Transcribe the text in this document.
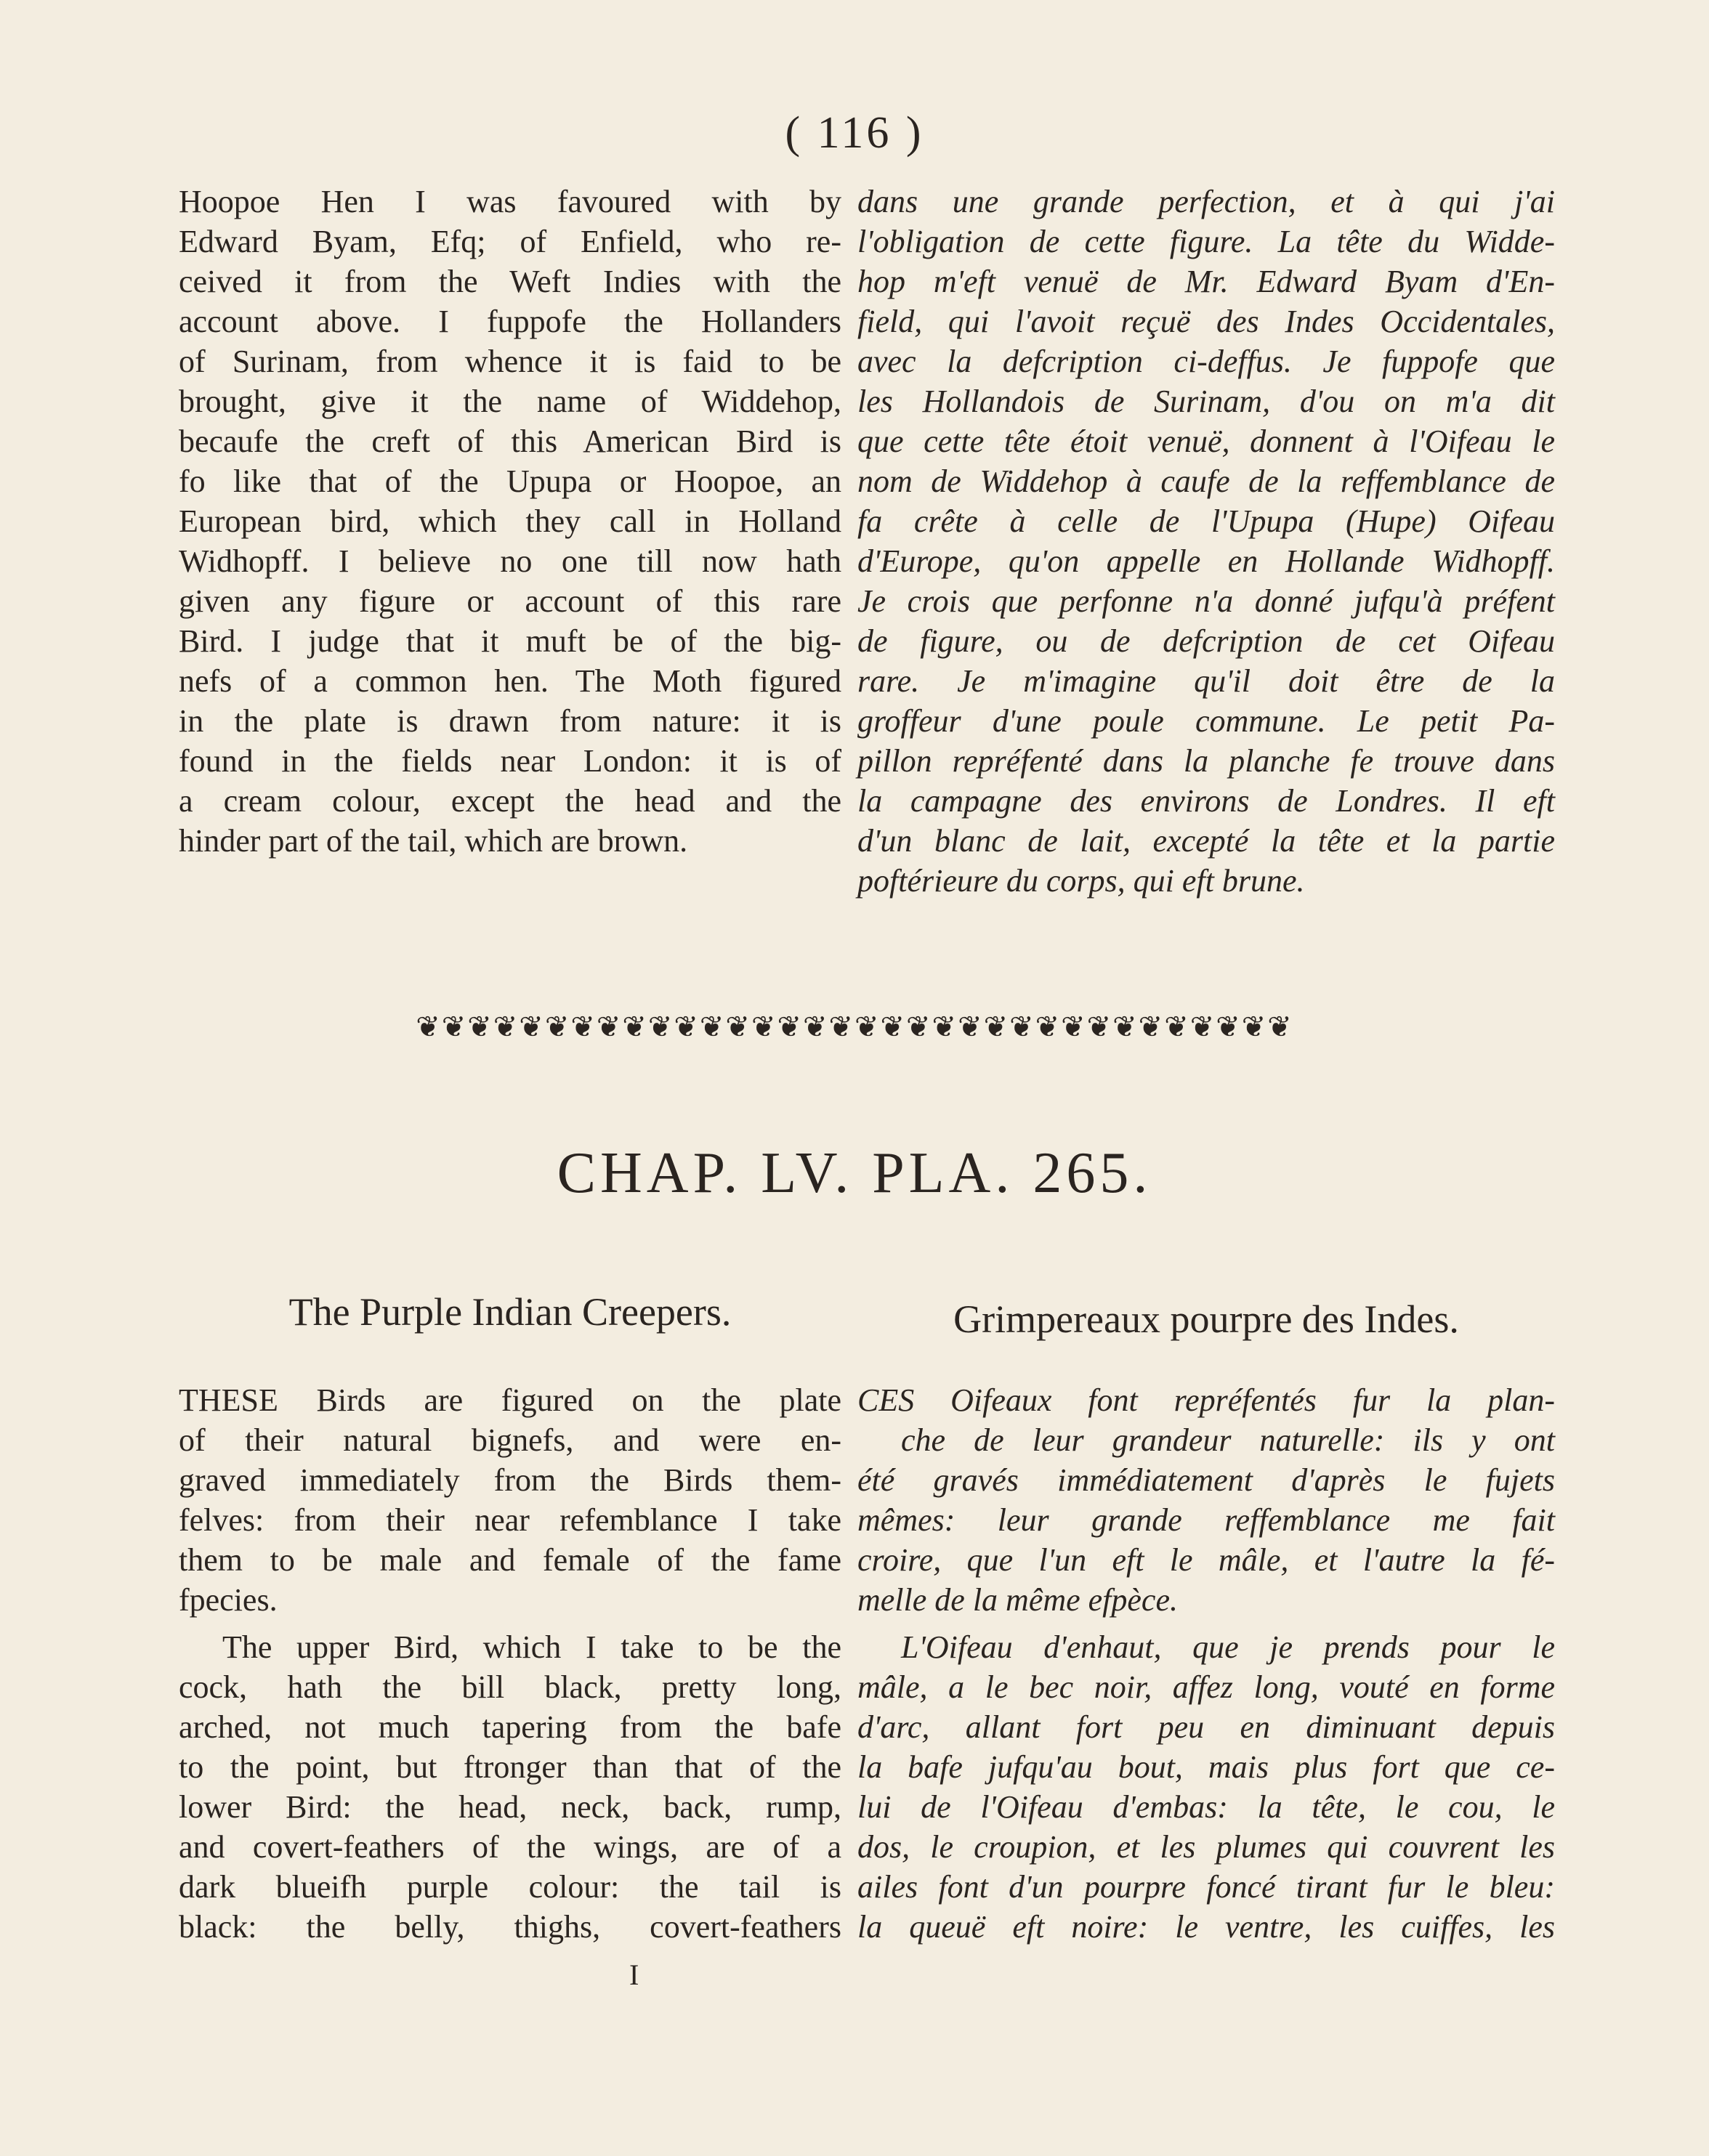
( 116 )
Hoopoe Hen I was favoured with by
Edward Byam, Efq; of Enfield, who re-
ceived it from the Weft Indies with the
account above. I fuppofe the Hollanders
of Surinam, from whence it is faid to be
brought, give it the name of Widdehop,
becaufe the creft of this American Bird is
fo like that of the Upupa or Hoopoe, an
European bird, which they call in Holland
Widhopff. I believe no one till now hath
given any figure or account of this rare
Bird. I judge that it muft be of the big-
nefs of a common hen. The Moth figured
in the plate is drawn from nature: it is
found in the fields near London: it is of
a cream colour, except the head and the
hinder part of the tail, which are brown.
dans une grande perfection, et à qui j'ai
l'obligation de cette figure. La tête du Widde-
hop m'eft venuë de Mr. Edward Byam d'En-
field, qui l'avoit reçuë des Indes Occidentales,
avec la defcription ci-deffus. Je fuppofe que
les Hollandois de Surinam, d'ou on m'a dit
que cette tête étoit venuë, donnent à l'Oifeau le
nom de Widdehop à caufe de la reffemblance de
fa crête à celle de l'Upupa (Hupe) Oifeau
d'Europe, qu'on appelle en Hollande Widhopff.
Je crois que perfonne n'a donné jufqu'à préfent
de figure, ou de defcription de cet Oifeau
rare. Je m'imagine qu'il doit être de la
groffeur d'une poule commune. Le petit Pa-
pillon repréfenté dans la planche fe trouve dans
la campagne des environs de Londres. Il eft
d'un blanc de lait, excepté la tête et la partie
poftérieure du corps, qui eft brune.
❦❦❦❦❦❦❦❦❦❦❦❦❦❦❦❦❦❦❦❦❦❦❦❦❦❦❦❦❦❦❦❦❦❦
CHAP. LV. PLA. 265.
The Purple Indian Creepers.	Grimpereaux pourpre des Indes.
THESE Birds are figured on the plate
of their natural bignefs, and were en-
graved immediately from the Birds them-
felves: from their near refemblance I take
them to be male and female of the fame
fpecies.
The upper Bird, which I take to be the
cock, hath the bill black, pretty long,
arched, not much tapering from the bafe
to the point, but ftronger than that of the
lower Bird: the head, neck, back, rump,
and covert-feathers of the wings, are of a
dark blueifh purple colour: the tail is
black: the belly, thighs, covert-feathers
CES Oifeaux font repréfentés fur la plan-
che de leur grandeur naturelle: ils y ont
été gravés immédiatement d'après le fujets
mêmes: leur grande reffemblance me fait
croire, que l'un eft le mâle, et l'autre la fé-
melle de la même efpèce.
L'Oifeau d'enhaut, que je prends pour le
mâle, a le bec noir, affez long, vouté en forme
d'arc, allant fort peu en diminuant depuis
la bafe jufqu'au bout, mais plus fort que ce-
lui de l'Oifeau d'embas: la tête, le cou, le
dos, le croupion, et les plumes qui couvrent les
ailes font d'un pourpre foncé tirant fur le bleu:
la queuë eft noire: le ventre, les cuiffes, les
I
